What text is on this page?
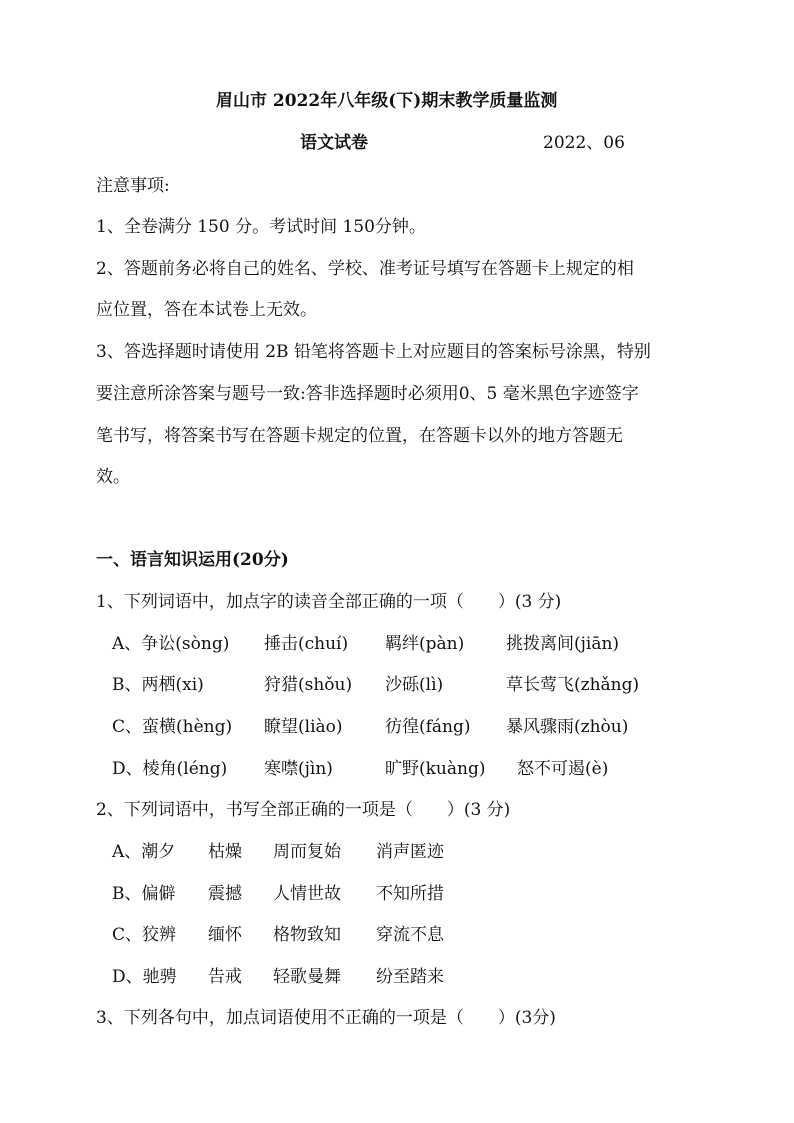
眉山市 2022年八年级(下)期末教学质量监测
语文试卷	2022、06
注意事项:
1、全卷满分 150 分。考试时间 150分钟。
2、答题前务必将自己的姓名、学校、准考证号填写在答题卡上规定的相
应位置，答在本试卷上无效。
3、答选择题时请使用 2B 铅笔将答题卡上对应题目的答案标号涂黑，特别
要注意所涂答案与题号一致:答非选择题时必须用0、5 毫米黑色字迹签字
笔书写，将答案书写在答题卡规定的位置，在答题卡以外的地方答题无
效。
一、语言知识运用(20分)
1、下列词语中，加点字的读音全部正确的一项（　　）(3 分)
A、争讼(sòng) 捶击(chuí) 羁绊(pàn) 挑拨离间(jiān)
B、两栖(xi)	狩猎(shǒu) 沙砾(lì)	草长莺飞(zhǎng)
C、蛮横(hèng) 瞭望(liào) 彷徨(fáng) 暴风骤雨(zhòu)
D、棱角(léng) 寒噤(jìn)	旷野(kuàng) 怒不可遏(è)
2、下列词语中，书写全部正确的一项是（　　）(3 分)
A、潮夕 枯燥 周而复始 消声匿迹
B、偏僻 震撼 人情世故 不知所措
C、狡辨 缅怀 格物致知 穿流不息
D、驰骋 告戒 轻歌曼舞 纷至踏来
3、下列各句中，加点词语使用不正确的一项是（　　）(3分)
